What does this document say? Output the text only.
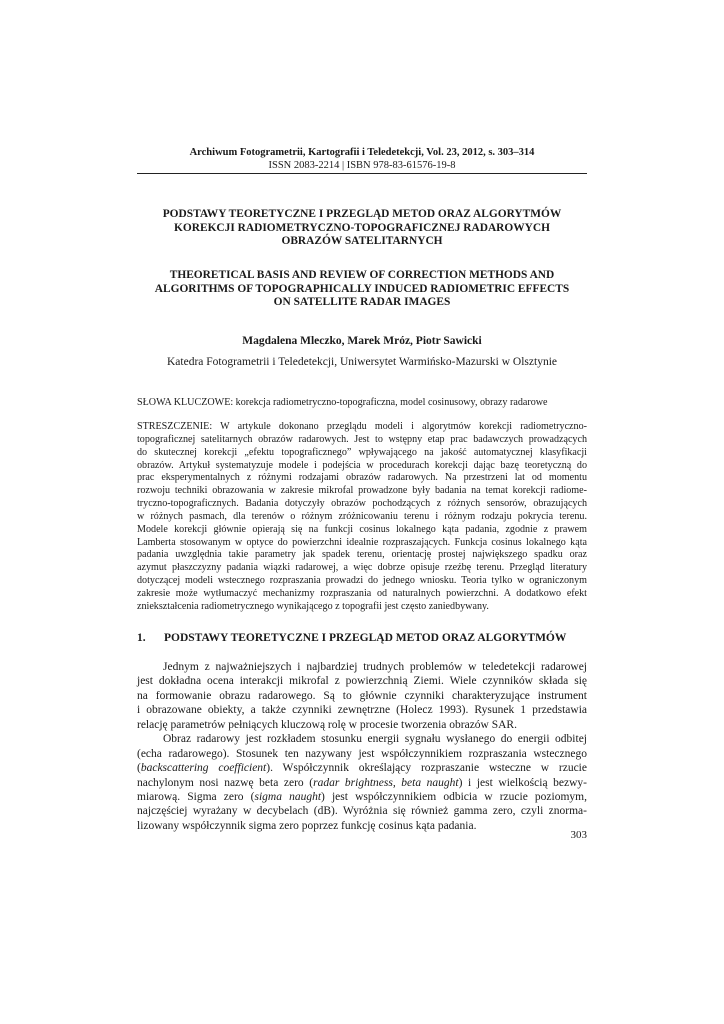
Archiwum Fotogrametrii, Kartografii i Teledetekcji, Vol. 23, 2012, s. 303–314
ISSN 2083-2214 | ISBN 978-83-61576-19-8
PODSTAWY TEORETYCZNE I PRZEGLĄD METOD ORAZ ALGORYTMÓW
KOREKCJI RADIOMETRYCZNO-TOPOGRAFICZNEJ RADAROWYCH
OBRAZÓW SATELITARNYCH
THEORETICAL BASIS AND REVIEW OF CORRECTION METHODS AND
ALGORITHMS OF TOPOGRAPHICALLY INDUCED RADIOMETRIC EFFECTS
ON SATELLITE RADAR IMAGES
Magdalena Mleczko, Marek Mróz, Piotr Sawicki
Katedra Fotogrametrii i Teledetekcji, Uniwersytet Warmińsko-Mazurski w Olsztynie
SŁOWA KLUCZOWE: korekcja radiometryczno-topograficzna, model cosinusowy, obrazy radarowe
STRESZCZENIE: W artykule dokonano przeglądu modeli i algorytmów korekcji radiometryczno-
topograficznej satelitarnych obrazów radarowych. Jest to wstępny etap prac badawczych prowadzących
do skutecznej korekcji „efektu topograficznego” wpływającego na jakość automatycznej klasyfikacji
obrazów. Artykuł systematyzuje modele i podejścia w procedurach korekcji dając bazę teoretyczną do
prac eksperymentalnych z różnymi rodzajami obrazów radarowych. Na przestrzeni lat od momentu
rozwoju techniki obrazowania w zakresie mikrofal prowadzone były badania na temat korekcji radiome-
tryczno-topograficznych. Badania dotyczyły obrazów pochodzących z różnych sensorów, obrazujących
w różnych pasmach, dla terenów o różnym zróżnicowaniu terenu i różnym rodzaju pokrycia terenu.
Modele korekcji głównie opierają się na funkcji cosinus lokalnego kąta padania, zgodnie z prawem
Lamberta stosowanym w optyce do powierzchni idealnie rozpraszających. Funkcja cosinus lokalnego kąta
padania uwzględnia takie parametry jak spadek terenu, orientację prostej największego spadku oraz
azymut płaszczyzny padania wiązki radarowej, a więc dobrze opisuje rzeźbę terenu. Przegląd literatury
dotyczącej modeli wstecznego rozpraszania prowadzi do jednego wniosku. Teoria tylko w ograniczonym
zakresie może wytłumaczyć mechanizmy rozpraszania od naturalnych powierzchni. A dodatkowo efekt
zniekształcenia radiometrycznego wynikającego z topografii jest często zaniedbywany.
1. PODSTAWY TEORETYCZNE I PRZEGLĄD METOD ORAZ ALGORYTMÓW
Jednym z najważniejszych i najbardziej trudnych problemów w teledetekcji radarowej
jest dokładna ocena interakcji mikrofal z powierzchnią Ziemi. Wiele czynników składa się
na formowanie obrazu radarowego. Są to głównie czynniki charakteryzujące instrument
i obrazowane obiekty, a także czynniki zewnętrzne (Holecz 1993). Rysunek 1 przedstawia
relację parametrów pełniących kluczową rolę w procesie tworzenia obrazów SAR.
Obraz radarowy jest rozkładem stosunku energii sygnału wysłanego do energii odbitej
(echa radarowego). Stosunek ten nazywany jest współczynnikiem rozpraszania wstecznego
(backscattering coefficient). Współczynnik określający rozpraszanie wsteczne w rzucie
nachylonym nosi nazwę beta zero (radar brightness, beta naught) i jest wielkością bezwy-
miarową. Sigma zero (sigma naught) jest współczynnikiem odbicia w rzucie poziomym,
najczęściej wyrażany w decybelach (dB). Wyróżnia się również gamma zero, czyli znorma-
lizowany współczynnik sigma zero poprzez funkcję cosinus kąta padania.
303
